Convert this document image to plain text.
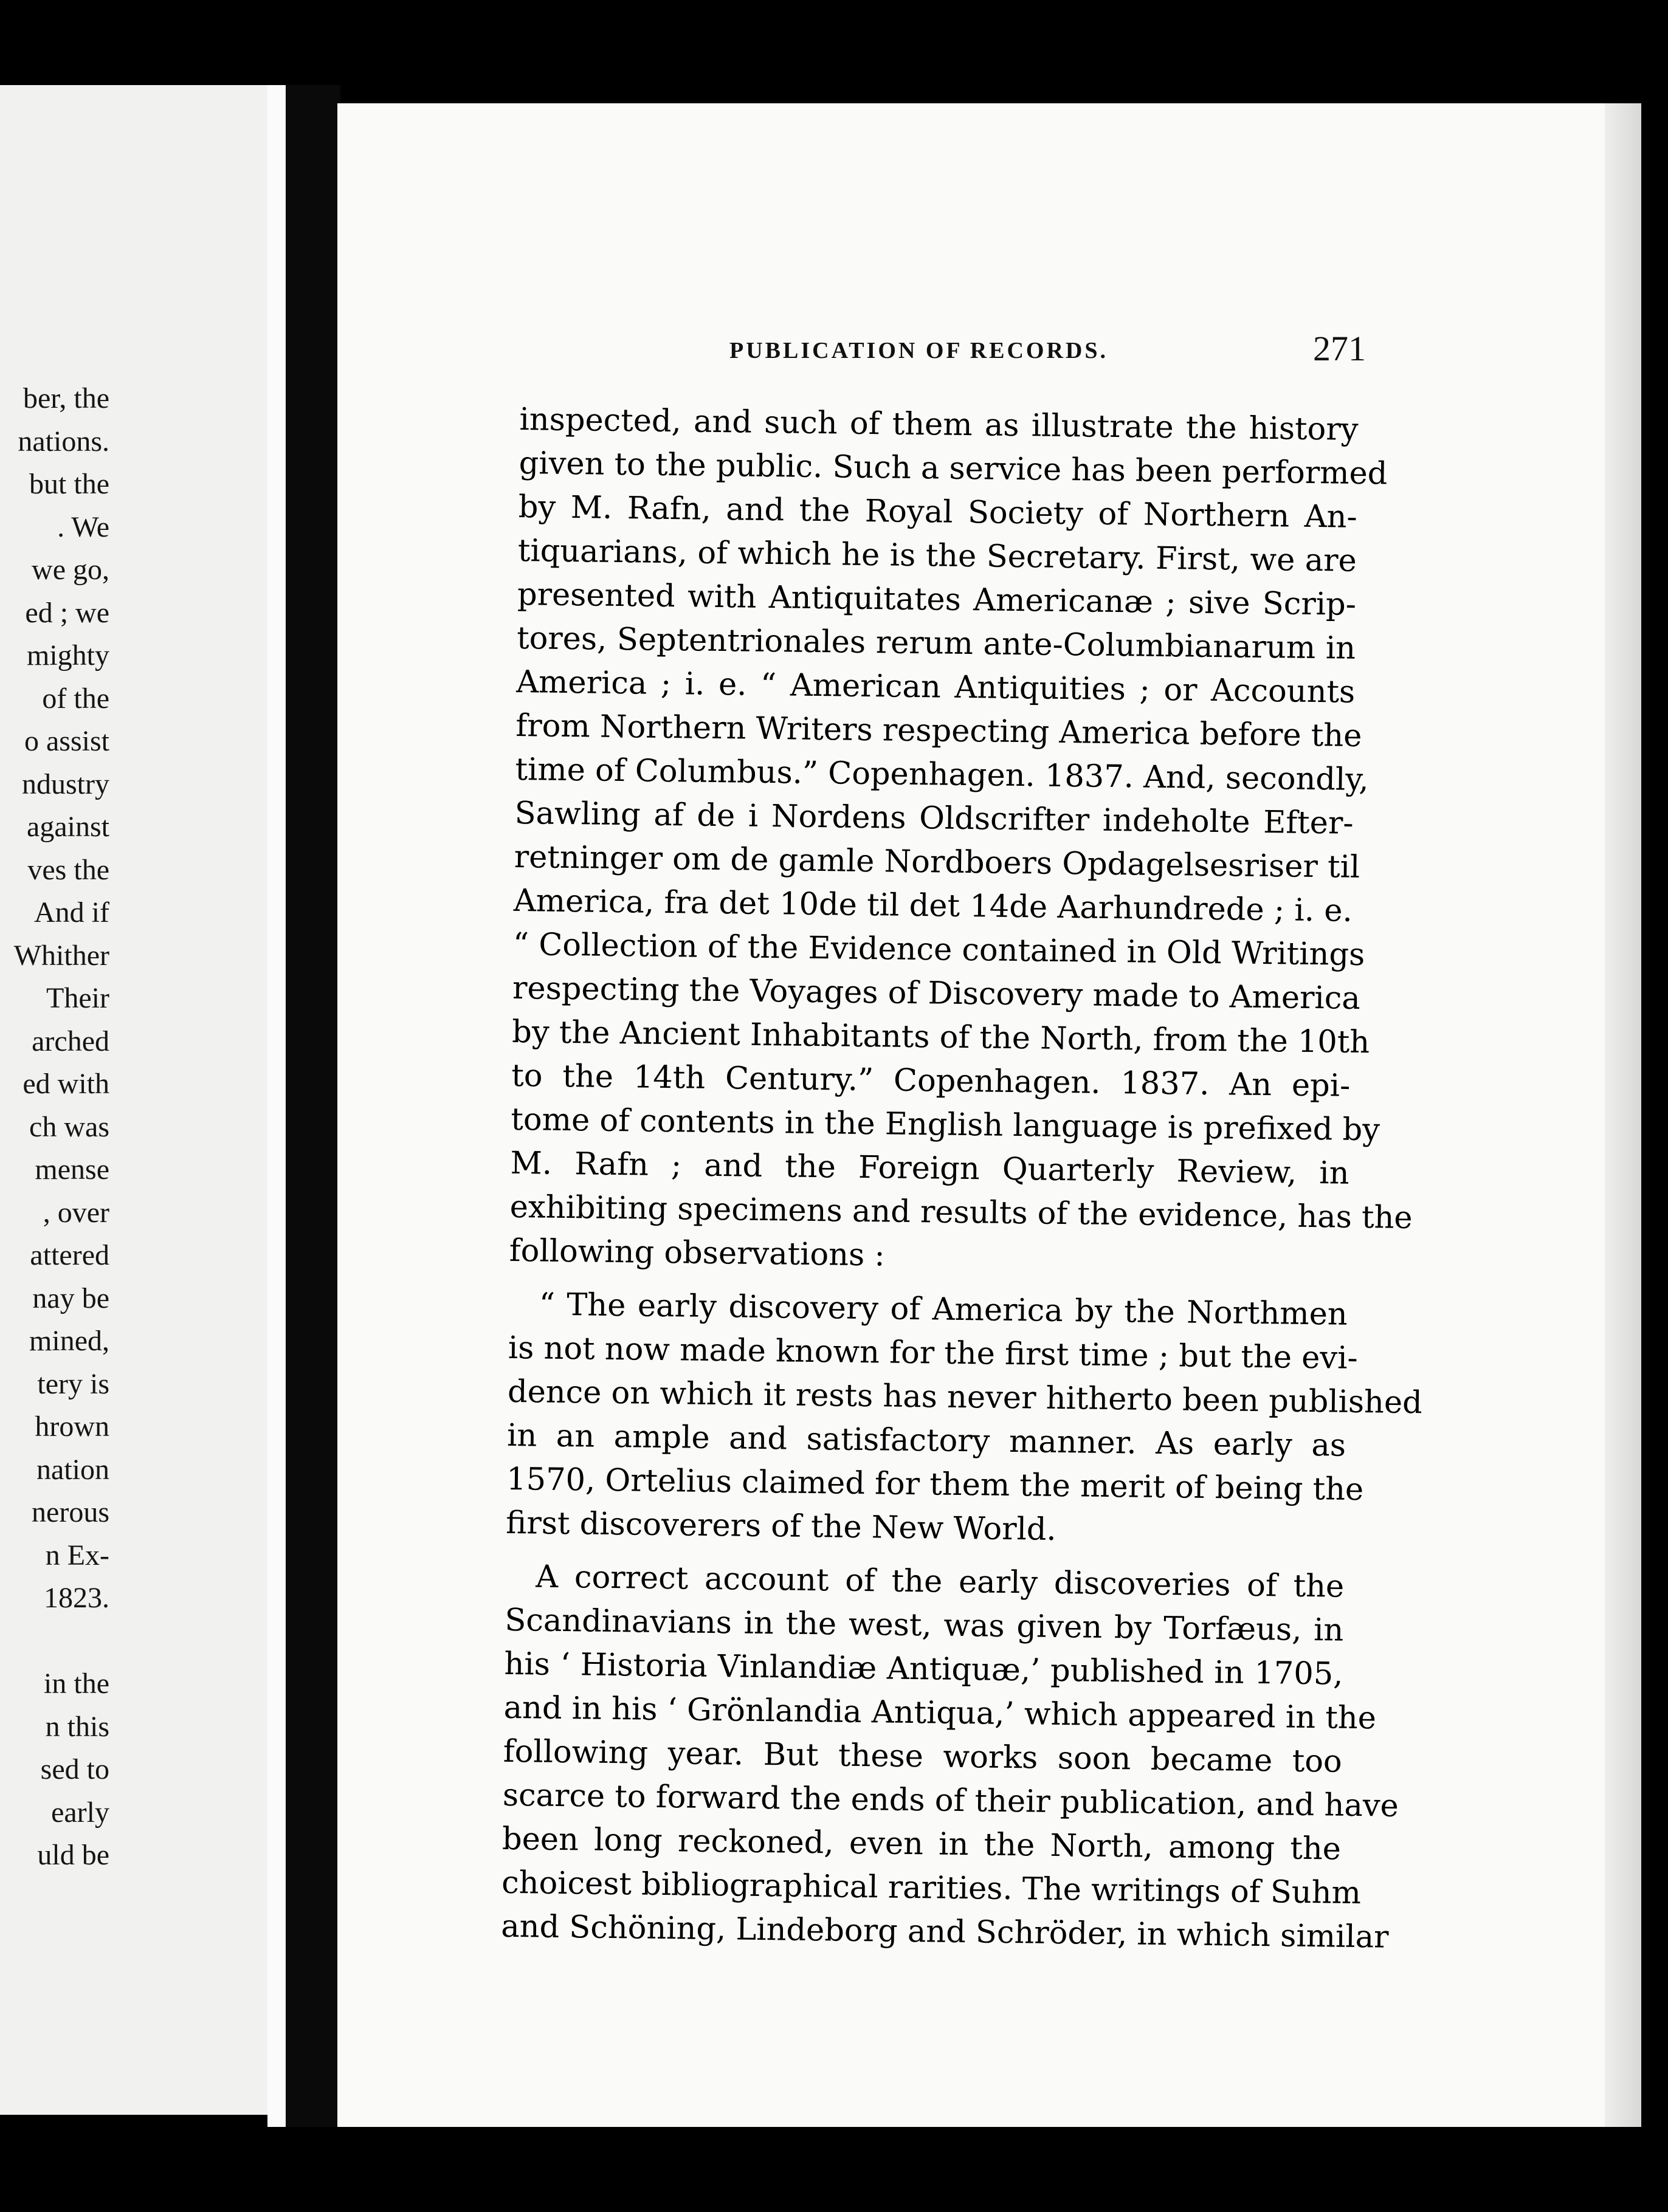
ber, the
nations.
but the
. We
we go,
ed ; we
mighty
of the
o assist
ndustry
against
ves the
And if
Whither
Their
arched
ed with
ch was
mense
, over
attered
nay be
mined,
tery is
hrown
nation
nerous
n Ex-
1823.
in the
n this
sed to
early
uld be
PUBLICATION OF RECORDS.	271
inspected, and such of them as illustrate the history
given to the public. Such a service has been performed
by M. Rafn, and the Royal Society of Northern An-
tiquarians, of which he is the Secretary. First, we are
presented with Antiquitates Americanæ ; sive Scrip-
tores, Septentrionales rerum ante-Columbianarum in
America ; i. e. “ American Antiquities ; or Accounts
from Northern Writers respecting America before the
time of Columbus.” Copenhagen. 1837. And, secondly,
Sawling af de i Nordens Oldscrifter indeholte Efter-
retninger om de gamle Nordboers Opdagelsesriser til
America, fra det 10de til det 14de Aarhundrede ; i. e.
“ Collection of the Evidence contained in Old Writings
respecting the Voyages of Discovery made to America
by the Ancient Inhabitants of the North, from the 10th
to the 14th Century.” Copenhagen. 1837. An epi-
tome of contents in the English language is prefixed by
M. Rafn ; and the Foreign Quarterly Review, in
exhibiting specimens and results of the evidence, has the
following observations :
“ The early discovery of America by the Northmen
is not now made known for the first time ; but the evi-
dence on which it rests has never hitherto been published
in an ample and satisfactory manner. As early as
1570, Ortelius claimed for them the merit of being the
first discoverers of the New World.
A correct account of the early discoveries of the
Scandinavians in the west, was given by Torfæus, in
his ‘ Historia Vinlandiæ Antiquæ,’ published in 1705,
and in his ‘ Grönlandia Antiqua,’ which appeared in the
following year. But these works soon became too
scarce to forward the ends of their publication, and have
been long reckoned, even in the North, among the
choicest bibliographical rarities. The writings of Suhm
and Schöning, Lindeborg and Schröder, in which similar
